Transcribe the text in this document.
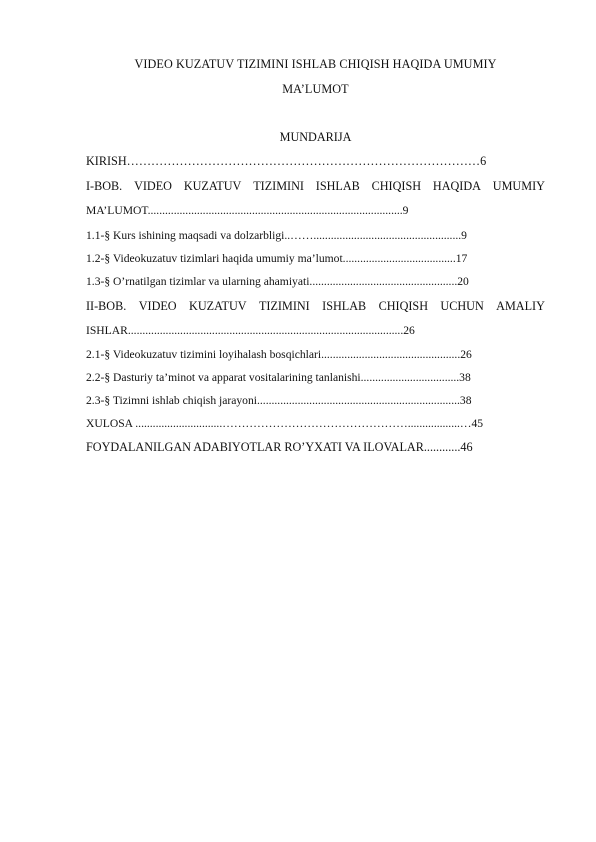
VIDEO KUZATUV TIZIMINI ISHLAB CHIQISH HAQIDA UMUMIY
MA’LUMOT
MUNDARIJA
KIRISH……………………………………………………………………………6
I-BOB. VIDEO KUZATUV TIZIMINI ISHLAB CHIQISH HAQIDA UMUMIY
MA’LUMOT........................................................................................9
1.1-§ Kurs ishining maqsadi va dolzarbligi..……...................................................9
1.2-§ Videokuzatuv tizimlari haqida umumiy ma’lumot.......................................17
1.3-§ O’rnatilgan tizimlar va ularning ahamiyati...................................................20
II-BOB. VIDEO KUZATUV TIZIMINI ISHLAB CHIQISH UCHUN AMALIY
ISHLAR...............................................................................................26
2.1-§ Videokuzatuv tizimini loyihalash bosqichlari................................................26
2.2-§ Dasturiy ta’minot va apparat vositalarining tanlanishi..................................38
2.3-§ Tizimni ishlab chiqish jarayoni......................................................................38
XULOSA ..............................…………………………………………..................…45
FOYDALANILGAN ADABIYOTLAR RO’YXATI VA ILOVALAR............46
